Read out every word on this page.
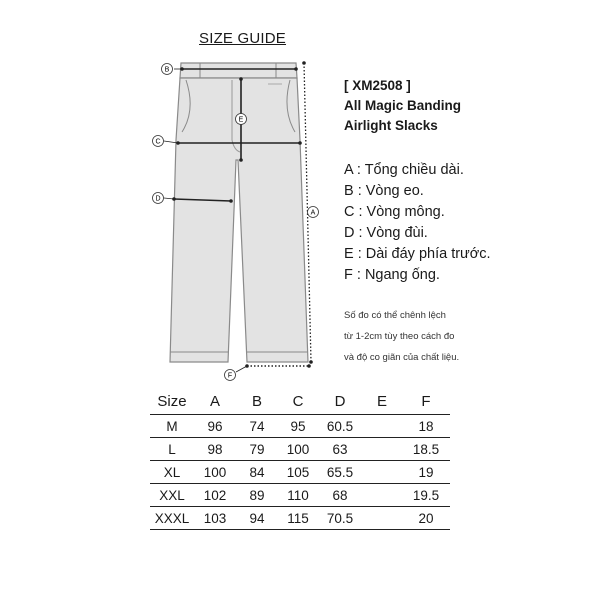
SIZE GUIDE
B
C
D
E
A
F
[ XM2508 ]
All Magic Banding
Airlight Slacks
A : Tổng chiều dài.
B : Vòng eo.
C : Vòng mông.
D : Vòng đùi.
E : Dài đáy phía trước.
F : Ngang ống.
Số đo có thể chênh lệch
từ 1-2cm tùy theo cách đo
và độ co giãn của chất liệu.
Size	A	B	C	D	E	F
M	96	74	95	60.5		18
L	98	79	100	63		18.5
XL	100	84	105	65.5		19
XXL	102	89	110	68		19.5
XXXL	103	94	115	70.5		20
